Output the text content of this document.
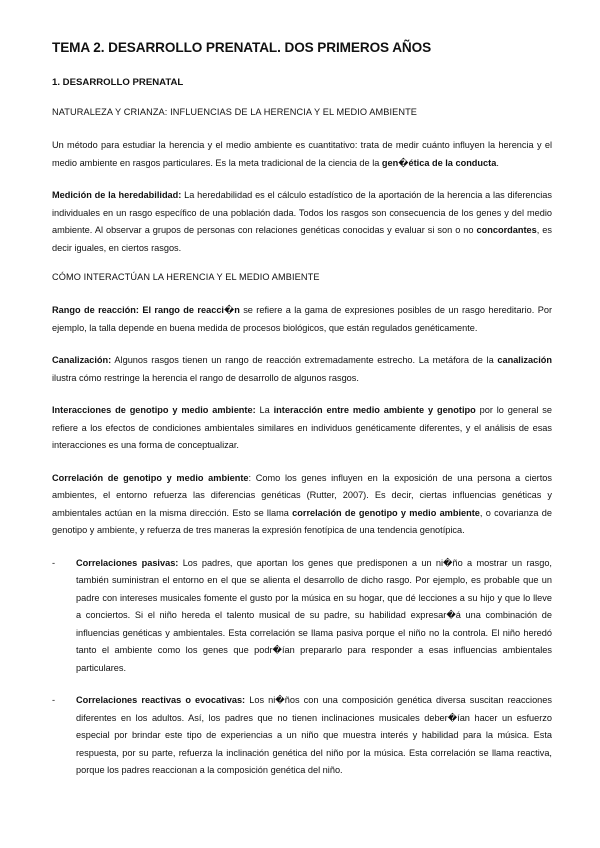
TEMA 2. DESARROLLO PRENATAL. DOS PRIMEROS AÑOS
1. DESARROLLO PRENATAL
NATURALEZA Y CRIANZA: INFLUENCIAS DE LA HERENCIA Y EL MEDIO AMBIENTE

Un método para estudiar la herencia y el medio ambiente es cuantitativo: trata de medir cuánto influyen la herencia y el medio ambiente en rasgos particulares. Es la meta tradicional de la ciencia de la gen�ética de la conducta.

Medición de la heredabilidad: La heredabilidad es el cálculo estadístico de la aportación de la herencia a las diferencias individuales en un rasgo específico de una población dada. Todos los rasgos son consecuencia de los genes y del medio ambiente. Al observar a grupos de personas con relaciones genéticas conocidas y evaluar si son o no concordantes, es decir iguales, en ciertos rasgos.

CÓMO INTERACTÚAN LA HERENCIA Y EL MEDIO AMBIENTE

Rango de reacción: El rango de reacci�n se refiere a la gama de expresiones posibles de un rasgo hereditario. Por ejemplo, la talla depende en buena medida de procesos biológicos, que están regulados genéticamente.

Canalización: Algunos rasgos tienen un rango de reacción extremadamente estrecho. La metáfora de la canalización ilustra cómo restringe la herencia el rango de desarrollo de algunos rasgos.

Interacciones de genotipo y medio ambiente: La interacción entre medio ambiente y genotipo por lo general se refiere a los efectos de condiciones ambientales similares en individuos genéticamente diferentes, y el análisis de esas interacciones es una forma de conceptualizar.

Correlación de genotipo y medio ambiente: Como los genes influyen en la exposición de una persona a ciertos ambientes, el entorno refuerza las diferencias genéticas (Rutter, 2007). Es decir, ciertas influencias genéticas y ambientales actúan en la misma dirección. Esto se llama correlación de genotipo y medio ambiente, o covarianza de genotipo y ambiente, y refuerza de tres maneras la expresión fenotípica de una tendencia genotípica.

-	Correlaciones pasivas: Los padres, que aportan los genes que predisponen a un ni�ño a mostrar un rasgo, también suministran el entorno en el que se alienta el desarrollo de dicho rasgo. Por ejemplo, es probable que un padre con intereses musicales fomente el gusto por la música en su hogar, que dé lecciones a su hijo y que lo lleve a conciertos. Si el niño hereda el talento musical de su padre, su habilidad expresar�á una combinación de influencias genéticas y ambientales. Esta correlación se llama pasiva porque el niño no la controla. El niño heredó tanto el ambiente como los genes que podr�ían prepararlo para responder a esas influencias ambientales particulares.

-	Correlaciones reactivas o evocativas: Los ni�ños con una composición genética diversa suscitan reacciones diferentes en los adultos. Así, los padres que no tienen inclinaciones musicales deber�ían hacer un esfuerzo especial por brindar este tipo de experiencias a un niño que muestra interés y habilidad para la música. Esta respuesta, por su parte, refuerza la inclinación genética del niño por la música. Esta correlación se llama reactiva, porque los padres reaccionan a la composición genética del niño.
